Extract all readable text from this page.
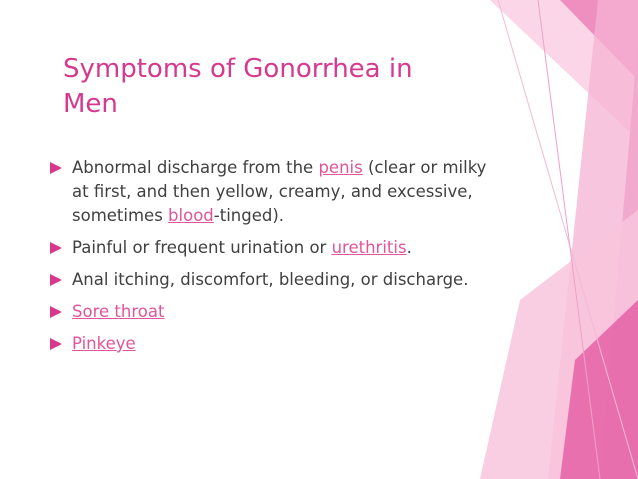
Symptoms of Gonorrhea in Men
Abnormal discharge from the penis (clear or milky at first, and then yellow, creamy, and excessive, sometimes blood-tinged).
Painful or frequent urination or urethritis.
Anal itching, discomfort, bleeding, or discharge.
Sore throat
Pinkeye
